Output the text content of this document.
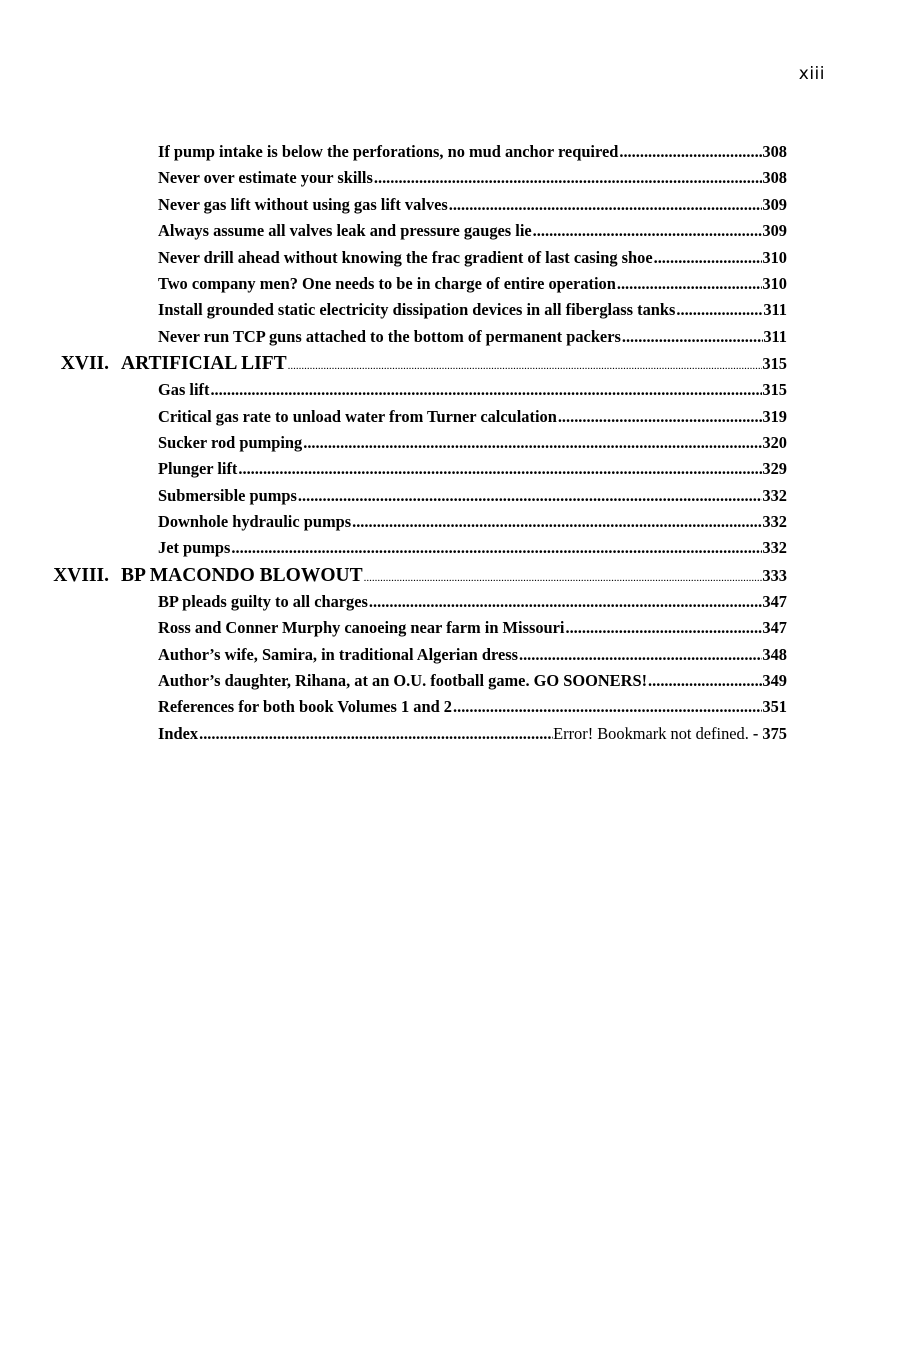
xiii
If pump intake is below the perforations, no mud anchor required .....	308
Never over estimate your skills .....	308
Never gas lift without using gas lift valves .....	309
Always assume all valves leak and pressure gauges lie .....	309
Never drill ahead without knowing the frac gradient of last casing shoe .....	310
Two company men? One needs to be in charge of entire operation .....	310
Install grounded static electricity dissipation devices in all fiberglass tanks .....	311
Never run TCP guns attached to the bottom of permanent packers .....	311
XVII. ARTIFICIAL LIFT .....	315
Gas lift .....	315
Critical gas rate to unload water from Turner calculation .....	319
Sucker rod pumping .....	320
Plunger lift .....	329
Submersible pumps .....	332
Downhole hydraulic pumps .....	332
Jet pumps .....	332
XVIII. BP MACONDO BLOWOUT .....	333
BP pleads guilty to all charges .....	347
Ross and Conner Murphy canoeing near farm in Missouri .....	347
Author’s wife, Samira, in traditional Algerian dress .....	348
Author’s daughter, Rihana, at an O.U. football game. GO SOONERS! .....	349
References for both book Volumes 1 and 2 .....	351
Index .....	Error! Bookmark not defined. - 375
